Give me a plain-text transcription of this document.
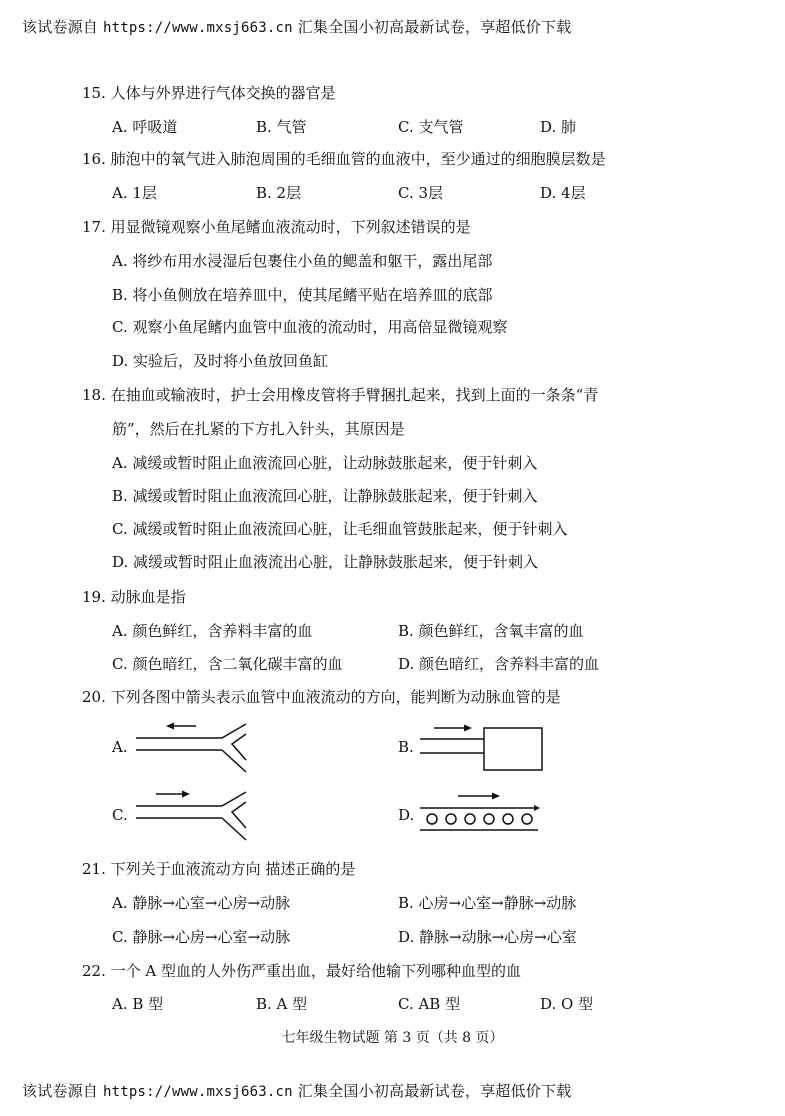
该试卷源自 https://www.mxsj663.cn 汇集全国小初高最新试卷，享超低价下载
15. 人体与外界进行气体交换的器官是
A. 呼吸道	B. 气管	C. 支气管	D. 肺
16. 肺泡中的氧气进入肺泡周围的毛细血管的血液中，至少通过的细胞膜层数是
A. 1层	B. 2层	C. 3层	D. 4层
17. 用显微镜观察小鱼尾鳍血液流动时，下列叙述错误的是
A. 将纱布用水浸湿后包裹住小鱼的鳃盖和躯干，露出尾部
B. 将小鱼侧放在培养皿中，使其尾鳍平贴在培养皿的底部
C. 观察小鱼尾鳍内血管中血液的流动时，用高倍显微镜观察
D. 实验后，及时将小鱼放回鱼缸
18. 在抽血或输液时，护士会用橡皮管将手臂捆扎起来，找到上面的一条条“青
筋”，然后在扎紧的下方扎入针头，其原因是
A. 减缓或暂时阻止血液流回心脏，让动脉鼓胀起来，便于针刺入
B. 减缓或暂时阻止血液流回心脏，让静脉鼓胀起来，便于针刺入
C. 减缓或暂时阻止血液流回心脏，让毛细血管鼓胀起来，便于针刺入
D. 减缓或暂时阻止血液流出心脏，让静脉鼓胀起来，便于针刺入
19. 动脉血是指
A. 颜色鲜红，含养料丰富的血	B. 颜色鲜红，含氧丰富的血
C. 颜色暗红，含二氧化碳丰富的血	D. 颜色暗红，含养料丰富的血
20. 下列各图中箭头表示血管中血液流动的方向，能判断为动脉血管的是
A.	B.
C.	D.
21. 下列关于血液流动方向 描述正确的是
A. 静脉→心室→心房→动脉	B. 心房→心室→静脉→动脉
C. 静脉→心房→心室→动脉	D. 静脉→动脉→心房→心室
22. 一个 A 型血的人外伤严重出血，最好给他输下列哪种血型的血
A. B 型	B. A 型	C. AB 型	D. O 型
七年级生物试题 第 3 页（共 8 页）
该试卷源自 https://www.mxsj663.cn 汇集全国小初高最新试卷，享超低价下载
